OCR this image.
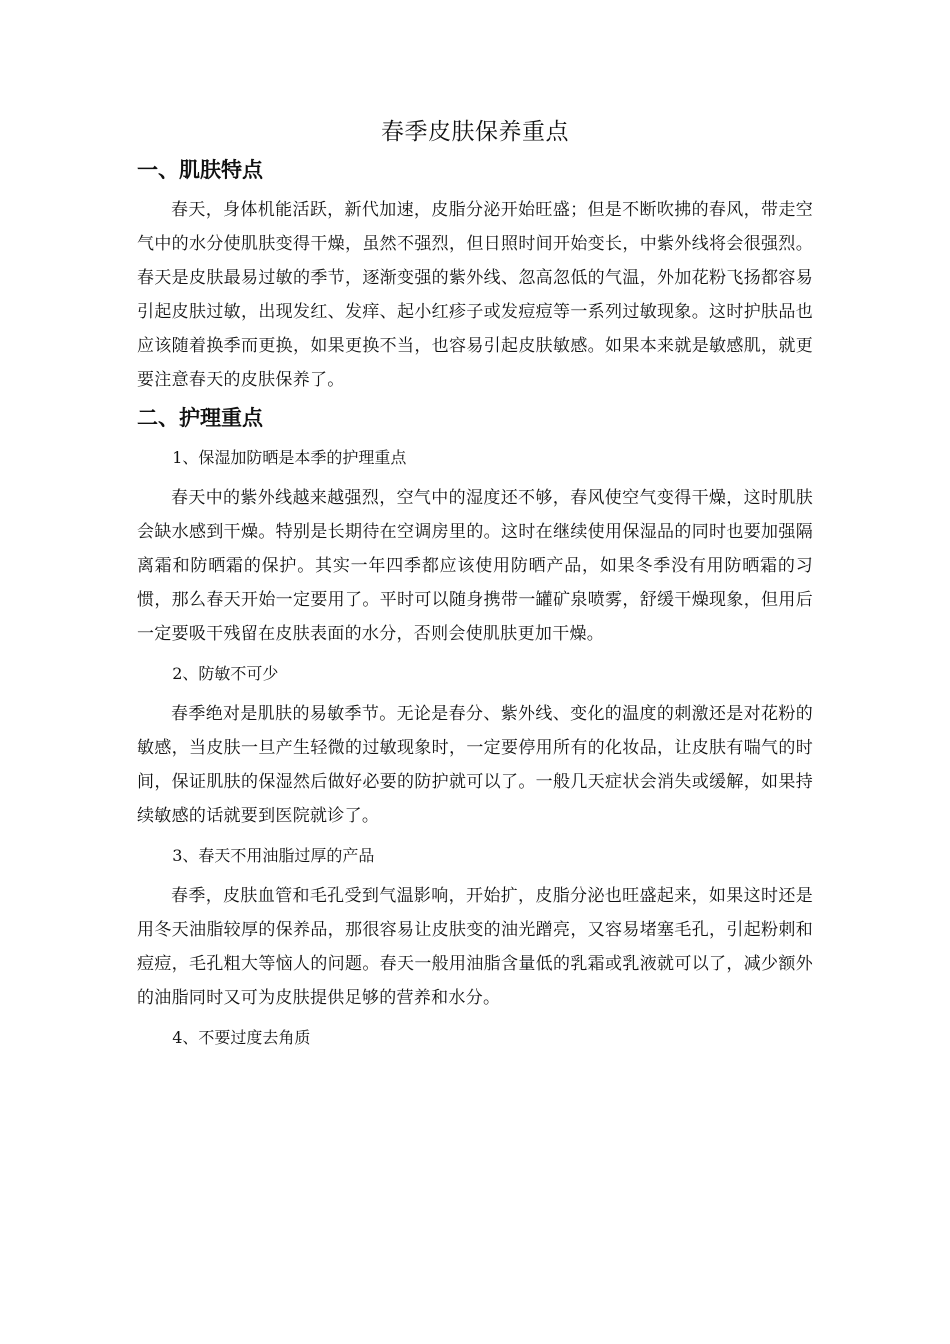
春季皮肤保养重点
一、肌肤特点

春天，身体机能活跃，新代加速，皮脂分泌开始旺盛；但是不断吹拂的春风，带走空气中的水分使肌肤变得干燥，虽然不强烈，但日照时间开始变长，中紫外线将会很强烈。春天是皮肤最易过敏的季节，逐渐变强的紫外线、忽高忽低的气温，外加花粉飞扬都容易引起皮肤过敏，出现发红、发痒、起小红疹子或发痘痘等一系列过敏现象。这时护肤品也应该随着换季而更换，如果更换不当，也容易引起皮肤敏感。如果本来就是敏感肌，就更要注意春天的皮肤保养了。

二、护理重点

1、保湿加防晒是本季的护理重点

春天中的紫外线越来越强烈，空气中的湿度还不够，春风使空气变得干燥，这时肌肤会缺水感到干燥。特别是长期待在空调房里的。这时在继续使用保湿品的同时也要加强隔离霜和防晒霜的保护。其实一年四季都应该使用防晒产品，如果冬季没有用防晒霜的习惯，那么春天开始一定要用了。平时可以随身携带一罐矿泉喷雾，舒缓干燥现象，但用后一定要吸干残留在皮肤表面的水分，否则会使肌肤更加干燥。

2、防敏不可少

春季绝对是肌肤的易敏季节。无论是春分、紫外线、变化的温度的刺激还是对花粉的敏感，当皮肤一旦产生轻微的过敏现象时，一定要停用所有的化妆品，让皮肤有喘气的时间，保证肌肤的保湿然后做好必要的防护就可以了。一般几天症状会消失或缓解，如果持续敏感的话就要到医院就诊了。

3、春天不用油脂过厚的产品

春季，皮肤血管和毛孔受到气温影响，开始扩，皮脂分泌也旺盛起来，如果这时还是用冬天油脂较厚的保养品，那很容易让皮肤变的油光蹭亮，又容易堵塞毛孔，引起粉刺和痘痘，毛孔粗大等恼人的问题。春天一般用油脂含量低的乳霜或乳液就可以了，减少额外的油脂同时又可为皮肤提供足够的营养和水分。

4、不要过度去角质
